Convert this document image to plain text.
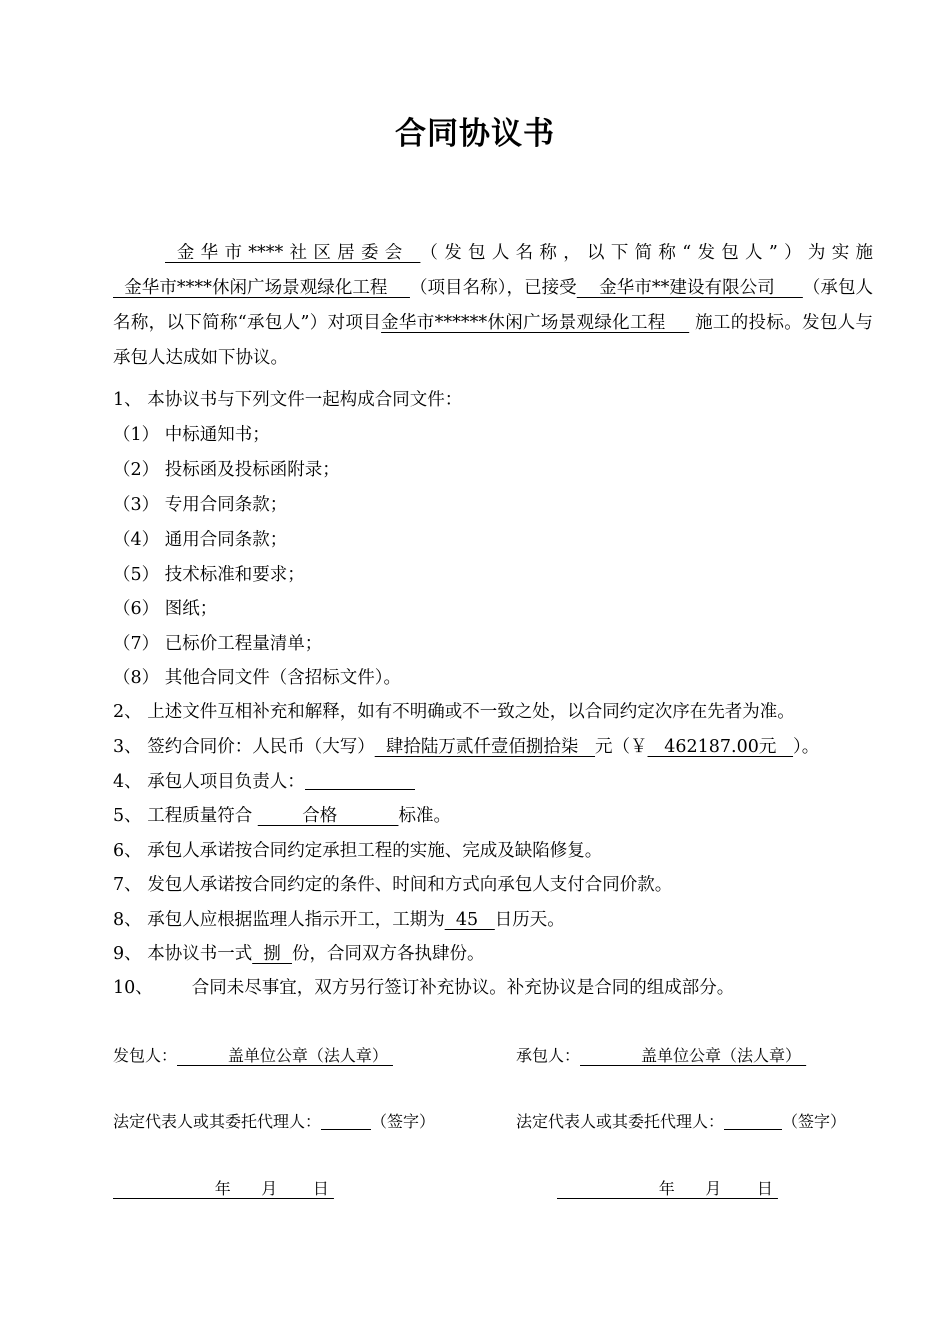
合同协议书
金华市****社区居委会 （发包人名称，以下简称“发包人”）为实施  金华市****休闲广场景观绿化工程    （项目名称），已接受    金华市**建设有限公司     （承包人名称，以下简称“承包人”）对项目金华市******休闲广场景观绿化工程     施工的投标。发包人与承包人达成如下协议。
1、 本协议书与下列文件一起构成合同文件：
（1） 中标通知书；
（2） 投标函及投标函附录；
（3） 专用合同条款；
（4） 通用合同条款；
（5） 技术标准和要求；
（6） 图纸；
（7） 已标价工程量清单；
（8） 其他合同文件（含招标文件）。
2、 上述文件互相补充和解释，如有不明确或不一致之处，以合同约定次序在先者为准。
3、 签约合同价：人民币（大写）  肆拾陆万贰仟壹佰捌拾柒   元（￥   462187.00元   ）。
4、 承包人项目负责人：
5、 工程质量符合         合格           标准。
6、 承包人承诺按合同约定承担工程的实施、完成及缺陷修复。
7、 发包人承诺按合同约定的条件、时间和方式向承包人支付合同价款。
8、 承包人应根据监理人指示开工，工期为  45   日历天。
9、 本协议书一式  捌  份，合同双方各执肆份。
10、       合同未尽事宜，双方另行签订补充协议。补充协议是合同的组成部分。
发包人：          盖单位公章（法人章）	承包人：            盖单位公章（法人章）
法定代表人或其委托代理人：	（签字）	法定代表人或其委托代理人：	（签字）
年      月       日	年      月       日
